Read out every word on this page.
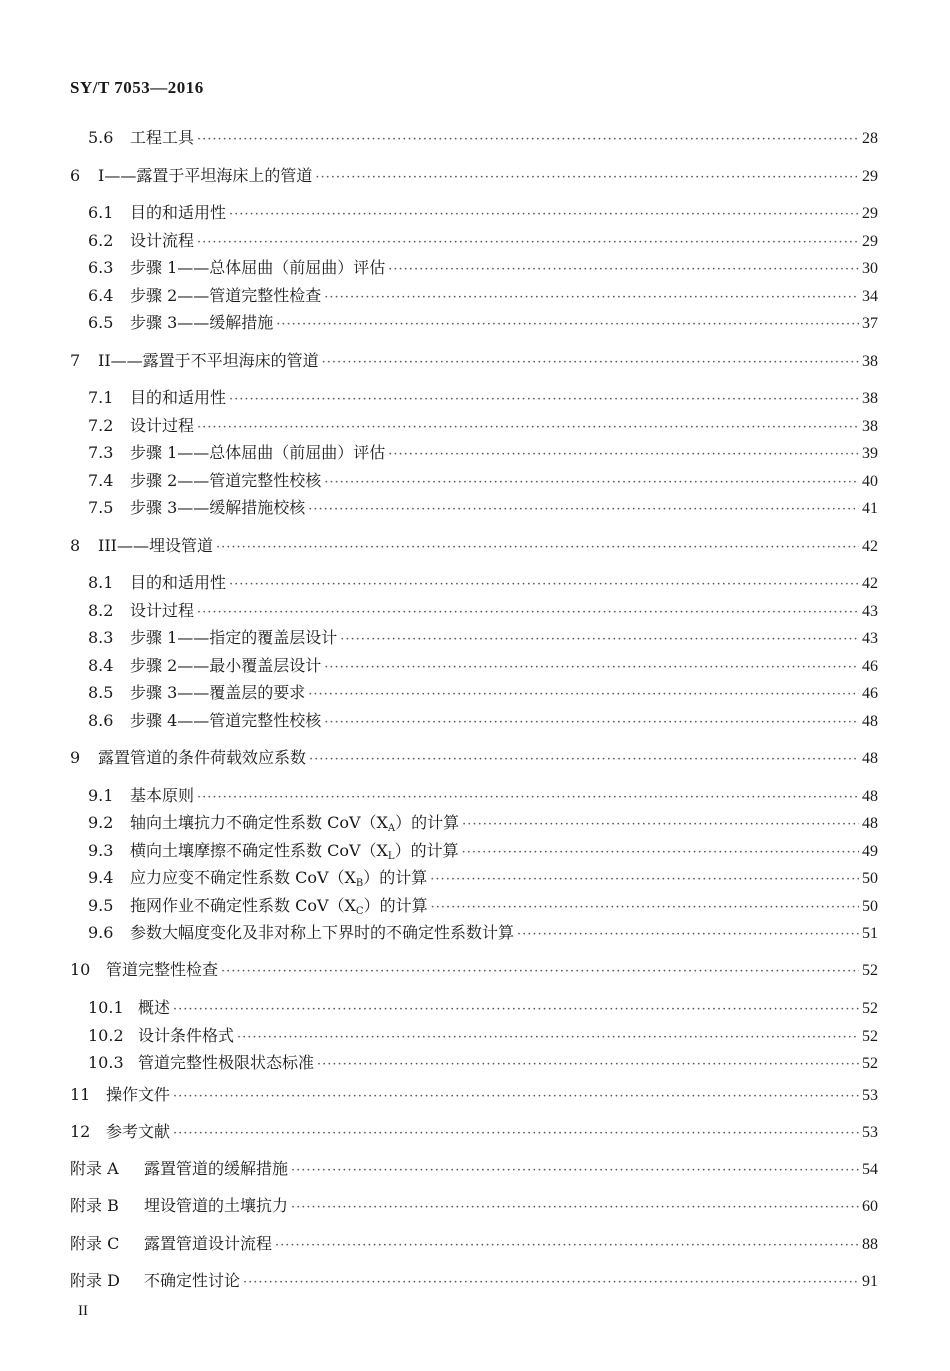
SY/T 7053—2016
5.6	工程工具 ·····	28
6	I——露置于平坦海床上的管道 ·····	29
6.1	目的和适用性 ·····	29
6.2	设计流程 ·····	29
6.3	步骤 1——总体屈曲（前屈曲）评估 ·····	30
6.4	步骤 2——管道完整性检查 ·····	34
6.5	步骤 3——缓解措施 ·····	37
7	II——露置于不平坦海床的管道 ·····	38
7.1	目的和适用性 ·····	38
7.2	设计过程 ·····	38
7.3	步骤 1——总体屈曲（前屈曲）评估 ·····	39
7.4	步骤 2——管道完整性校核 ·····	40
7.5	步骤 3——缓解措施校核 ·····	41
8	III——埋设管道 ·····	42
8.1	目的和适用性 ·····	42
8.2	设计过程 ·····	43
8.3	步骤 1——指定的覆盖层设计 ·····	43
8.4	步骤 2——最小覆盖层设计 ·····	46
8.5	步骤 3——覆盖层的要求 ·····	46
8.6	步骤 4——管道完整性校核 ·····	48
9	露置管道的条件荷载效应系数 ·····	48
9.1	基本原则 ·····	48
9.2	轴向土壤抗力不确定性系数 CoV（XA）的计算 ·····	48
9.3	横向土壤摩擦不确定性系数 CoV（XL）的计算 ·····	49
9.4	应力应变不确定性系数 CoV（XB）的计算 ·····	50
9.5	拖网作业不确定性系数 CoV（XC）的计算 ·····	50
9.6	参数大幅度变化及非对称上下界时的不确定性系数计算 ·····	51
10 管道完整性检查 ·····	52
10.1 概述 ·····	52
10.2 设计条件格式 ·····	52
10.3 管道完整性极限状态标准 ·····	52
11 操作文件 ·····	53
12 参考文献 ·····	53
附录 A	露置管道的缓解措施 ·····	54
附录 B	埋设管道的土壤抗力 ·····	60
附录 C	露置管道设计流程 ·····	88
附录 D	不确定性讨论 ·····	91
II
